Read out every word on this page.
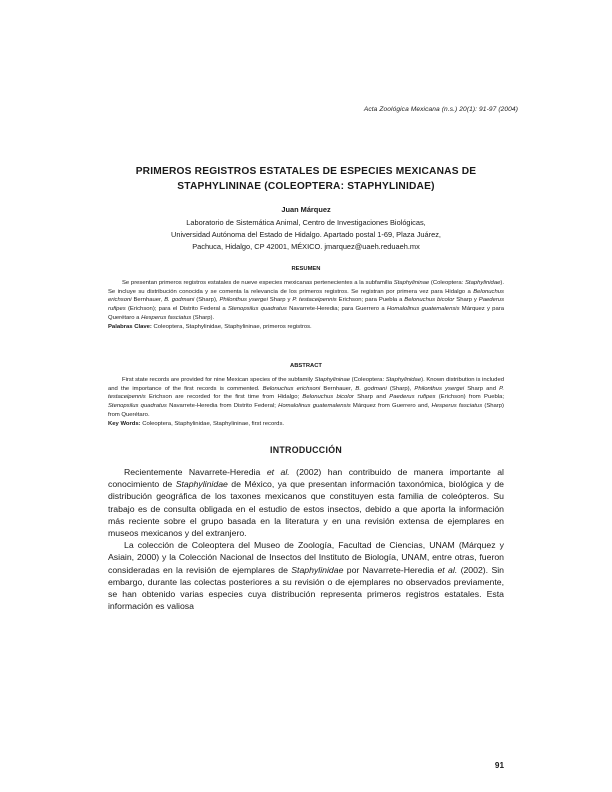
Acta Zoológica Mexicana (n.s.) 20(1): 91-97 (2004)
PRIMEROS REGISTROS ESTATALES DE ESPECIES MEXICANAS DE
STAPHYLININAE (COLEOPTERA: STAPHYLINIDAE)
Juan Márquez
Laboratorio de Sistemática Animal, Centro de Investigaciones Biológicas,
Universidad Autónoma del Estado de Hidalgo. Apartado postal 1-69, Plaza Juárez,
Pachuca, Hidalgo, CP 42001, MÉXICO. jmarquez@uaeh.reduaeh.mx
RESUMEN

Se presentan primeros registros estatales de nueve especies mexicanas pertenecientes a la subfamilia Staphylininae (Coleoptera: Staphylinidae). Se incluye su distribución conocida y se comenta la relevancia de los primeros registros. Se registran por primera vez para Hidalgo a Belonuchus erichsoni Bernhauer, B. godmani (Sharp), Philonthus ysergei Sharp y P. testaceipennis Erichson; para Puebla a Belonuchus bicolor Sharp y Paederus rufipes (Erichson); para el Distrito Federal a Stenopsilus quadratus Navarrete-Heredia; para Guerrero a Homalolinus guatemalensis Márquez y para Querétaro a Hesperus fasciatus (Sharp).

Palabras Clave: Coleoptera, Staphylinidae, Staphylininae, primeros registros.

ABSTRACT

First state records are provided for nine Mexican species of the subfamily Staphylininae (Coleoptera: Staphylinidae). Known distribution is included and the importance of the first records is commented. Belonuchus erichsoni Bernhauer, B. godmani (Sharp), Philonthus ysergei Sharp and P. testaceipennis Erichson are recorded for the first time from Hidalgo; Belonuchus bicolor Sharp and Paederus rufipes (Erichson) from Puebla; Stenopsilus quadratus Navarrete-Heredia from Distrito Federal; Homalolinus guatemalensis Márquez from Guerrero and, Hesperus fasciatus (Sharp) from Querétaro.

Key Words: Coleoptera, Staphylinidae, Staphylininae, first records.

INTRODUCCIÓN

Recientemente Navarrete-Heredia et al. (2002) han contribuido de manera importante al conocimiento de Staphylinidae de México, ya que presentan información taxonómica, biológica y de distribución geográfica de los taxones mexicanos que constituyen esta familia de coleópteros. Su trabajo es de consulta obligada en el estudio de estos insectos, debido a que aporta la información más reciente sobre el grupo basada en la literatura y en una revisión extensa de ejemplares en museos mexicanos y del extranjero.

La colección de Coleoptera del Museo de Zoología, Facultad de Ciencias, UNAM (Márquez y Asiain, 2000) y la Colección Nacional de Insectos del Instituto de Biología, UNAM, entre otras, fueron consideradas en la revisión de ejemplares de Staphylinidae por Navarrete-Heredia et al. (2002). Sin embargo, durante las colectas posteriores a su revisión o de ejemplares no observados previamente, se han obtenido varias especies cuya distribución representa primeros registros estatales. Esta información es valiosa

91
